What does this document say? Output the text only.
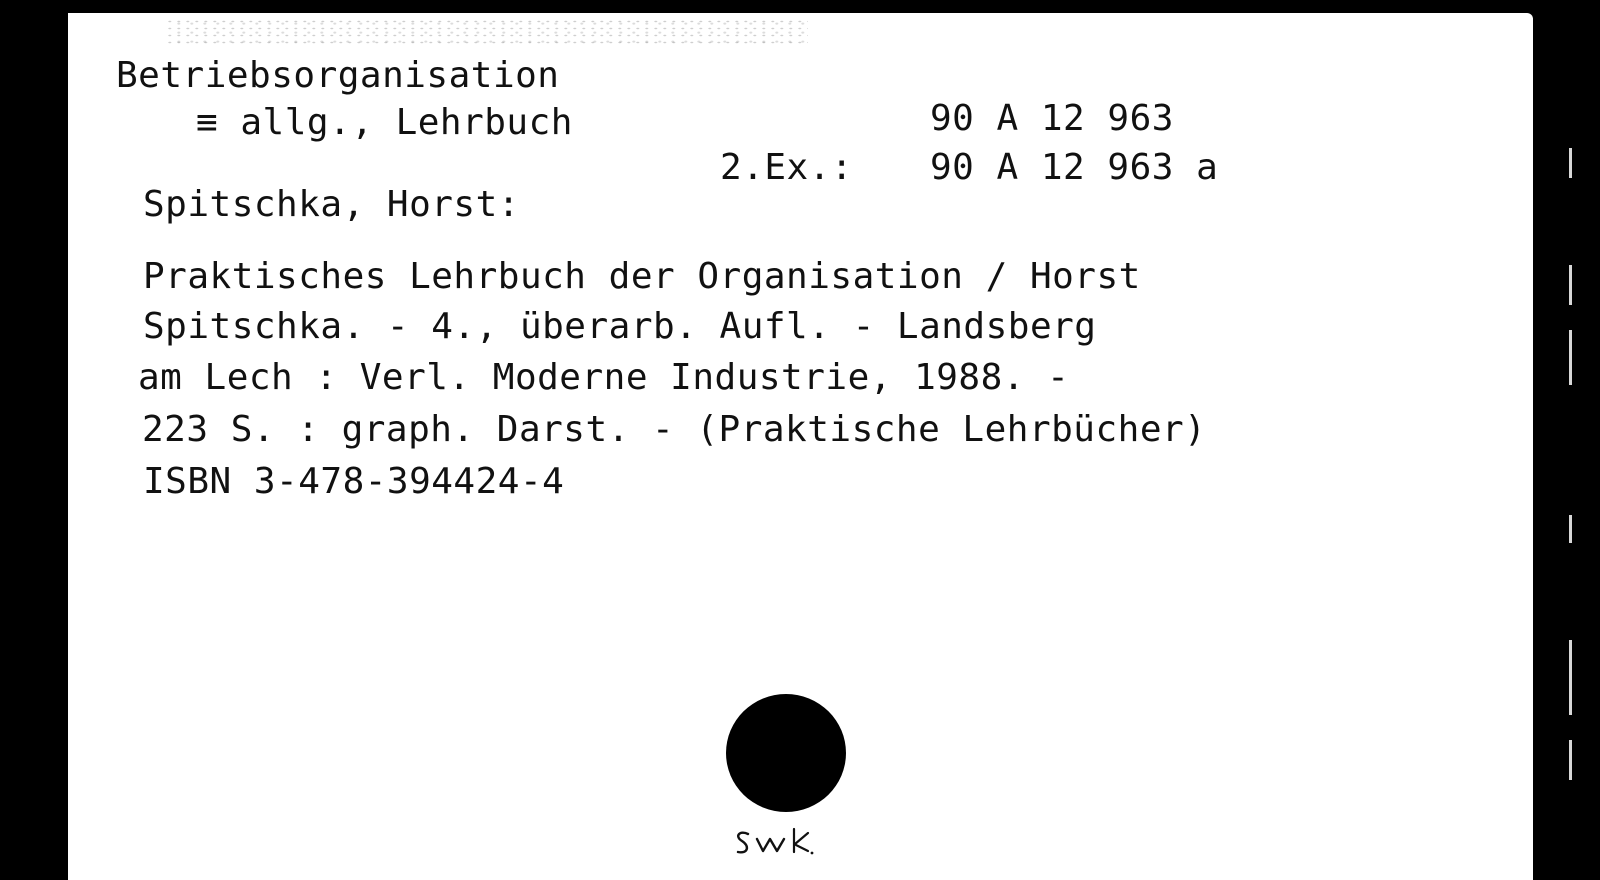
Betriebsorganisation
≡ allg., Lehrbuch	90 A 12 963
2.Ex.: 90 A 12 963 a
Spitschka, Horst:
Praktisches Lehrbuch der Organisation / Horst
Spitschka. - 4., überarb. Aufl. - Landsberg
am Lech : Verl. Moderne Industrie, 1988. -
223 S. : graph. Darst. - (Praktische Lehrbücher)
ISBN 3-478-394424-4
